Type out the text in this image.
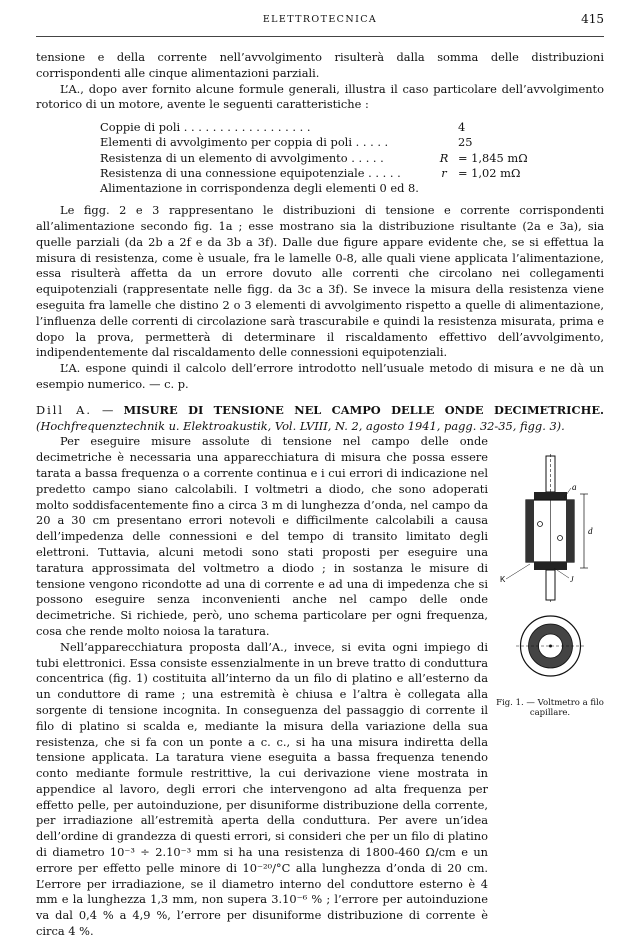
ELETTROTECNICA	415

tensione e della corrente nell’avvolgimento risulterà dalla somma delle distribuzioni corrispondenti alle cinque alimentazioni parziali.

L’A., dopo aver fornito alcune formule generali, illustra il caso particolare dell’avvolgimento rotorico di un motore, avente le seguenti caratteristiche :

Coppie di poli . . . . . . . . . . . . . . . . . .		4
Elementi di avvolgimento per coppia di poli . . . . .		25
Resistenza di un elemento di avvolgimento . . . . .	R	= 1,845 mΩ
Resistenza di una connessione equipotenziale . . . . .	r	= 1,02 mΩ
Alimentazione in corrispondenza degli elementi 0 ed 8.		

Le figg. 2 e 3 rappresentano le distribuzioni di tensione e corrente corrispondenti all’alimentazione secondo fig. 1a ; esse mostrano sia la distribuzione risultante (2a e 3a), sia quelle parziali (da 2b a 2f e da 3b a 3f). Dalle due figure appare evidente che, se si effettua la misura di resistenza, come è usuale, fra le lamelle 0-8, alle quali viene applicata l’alimentazione, essa risulterà affetta da un errore dovuto alle correnti che circolano nei collegamenti equipotenziali (rappresentate nelle figg. da 3c a 3f). Se invece la misura della resistenza viene eseguita fra lamelle che distino 2 o 3 elementi di avvolgimento rispetto a quelle di alimentazione, l’influenza delle correnti di circolazione sarà trascurabile e quindi la resistenza misurata, prima e dopo la prova, permetterà di determinare il riscaldamento effettivo dell’avvolgimento, indipendentemente dal riscaldamento delle connessioni equipotenziali.

L’A. espone quindi il calcolo dell’errore introdotto nell’usuale metodo di misura e ne dà un esempio numerico. — c. p.

Dill A. — MISURE DI TENSIONE NEL CAMPO DELLE ONDE DECIMETRICHE. (Hochfrequenztechnik u. Elektroakustik, Vol. LVIII, N. 2, agosto 1941, pagg. 32-35, figg. 3).

Per eseguire misure assolute di tensione nel campo delle onde decimetriche è necessaria una apparecchiatura di misura che possa essere tarata a bassa frequenza o a corrente continua e i cui errori di indicazione nel predetto campo siano calcolabili. I voltmetri a diodo, che sono adoperati molto soddisfacentemente fino a circa 3 m di lunghezza d’onda, nel campo da 20 a 30 cm presentano errori notevoli e difficilmente calcolabili a causa dell’impedenza delle connessioni e del tempo di transito limitato degli elettroni. Tuttavia, alcuni metodi sono stati proposti per eseguire una taratura approssimata del voltmetro a diodo ; in sostanza le misure di tensione vengono ricondotte ad una di corrente e ad una di impedenza che si possono eseguire senza inconvenienti anche nel campo delle onde decimetriche. Si richiede, però, uno schema particolare per ogni frequenza, cosa che rende molto noiosa la taratura.

Nell’apparecchiatura proposta dall’A., invece, si evita ogni impiego di tubi elettronici. Essa consiste essenzialmente in un breve tratto di conduttura concentrica (fig. 1) costituita all’interno da un filo di platino e all’esterno da un conduttore di rame ; una estremità è chiusa e l’altra è collegata alla sorgente di tensione incognita. In conseguenza del passaggio di corrente il filo di platino si scalda e, mediante la misura della variazione della sua resistenza, che si fa con un ponte a c. c., si ha una misura indiretta della tensione applicata. La taratura viene eseguita a bassa frequenza tenendo conto mediante formule restrittive, la cui derivazione viene mostrata in appendice al lavoro, degli errori che intervengono ad alta frequenza per effetto pelle, per autoinduzione, per disuniforme distribuzione della corrente, per irradiazione all’estremità aperta della conduttura. Per avere un’idea dell’ordine di grandezza di questi errori, si consideri che per un filo di platino di diametro 10⁻³ ÷ 2.10⁻³ mm si ha una resistenza di 1800-460 Ω/cm e un errore per effetto pelle minore di 10⁻²⁰/°C alla lunghezza d’onda di 20 cm. L’errore per irradiazione, se il diametro interno del conduttore esterno è 4 mm e la lunghezza 1,3 mm, non supera 3.10⁻⁶ % ; l’errore per autoinduzione va dal 0,4 % a 4,9 %, l’errore per disuniforme distribuzione di corrente è circa 4 %.

d
a
K	J
Fig. 1. — Voltmetro a filo capillare.
